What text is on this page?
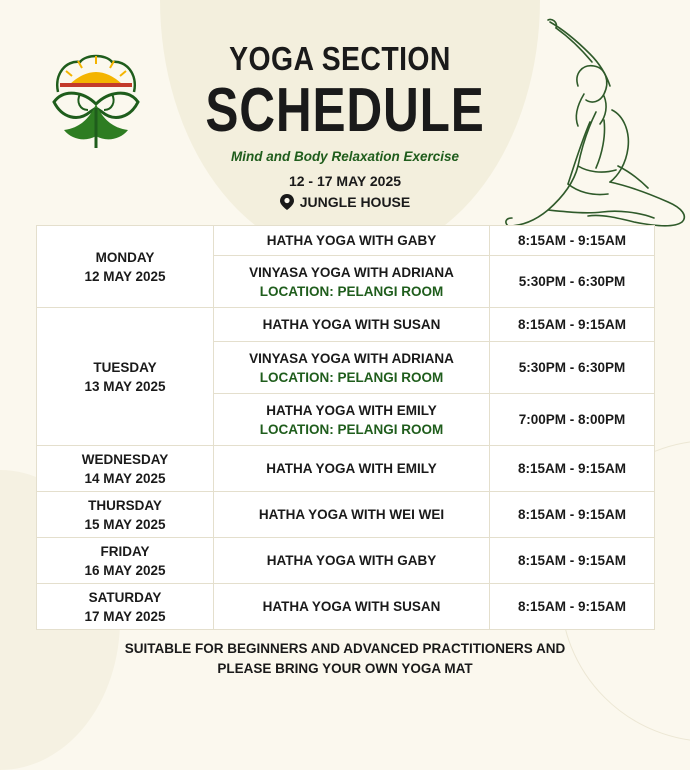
YOGA SECTION
SCHEDULE
Mind and Body Relaxation Exercise
12 - 17 MAY 2025
JUNGLE HOUSE
MONDAY
12 MAY 2025	HATHA YOGA WITH GABY	8:15AM - 9:15AM

	VINYASA YOGA WITH ADRIANA
LOCATION: PELANGI ROOM	5:30PM - 6:30PM

TUESDAY
13 MAY 2025	HATHA YOGA WITH SUSAN	8:15AM - 9:15AM

	VINYASA YOGA WITH ADRIANA
LOCATION: PELANGI ROOM	5:30PM - 6:30PM

	HATHA YOGA WITH EMILY
LOCATION: PELANGI ROOM	7:00PM - 8:00PM

WEDNESDAY
14 MAY 2025	HATHA YOGA WITH EMILY	8:15AM - 9:15AM

THURSDAY
15 MAY 2025	HATHA YOGA WITH WEI WEI	8:15AM - 9:15AM

FRIDAY
16 MAY 2025	HATHA YOGA WITH GABY	8:15AM - 9:15AM

SATURDAY
17 MAY 2025	HATHA YOGA WITH SUSAN	8:15AM - 9:15AM
SUITABLE FOR BEGINNERS AND ADVANCED PRACTITIONERS AND
PLEASE BRING YOUR OWN YOGA MAT
